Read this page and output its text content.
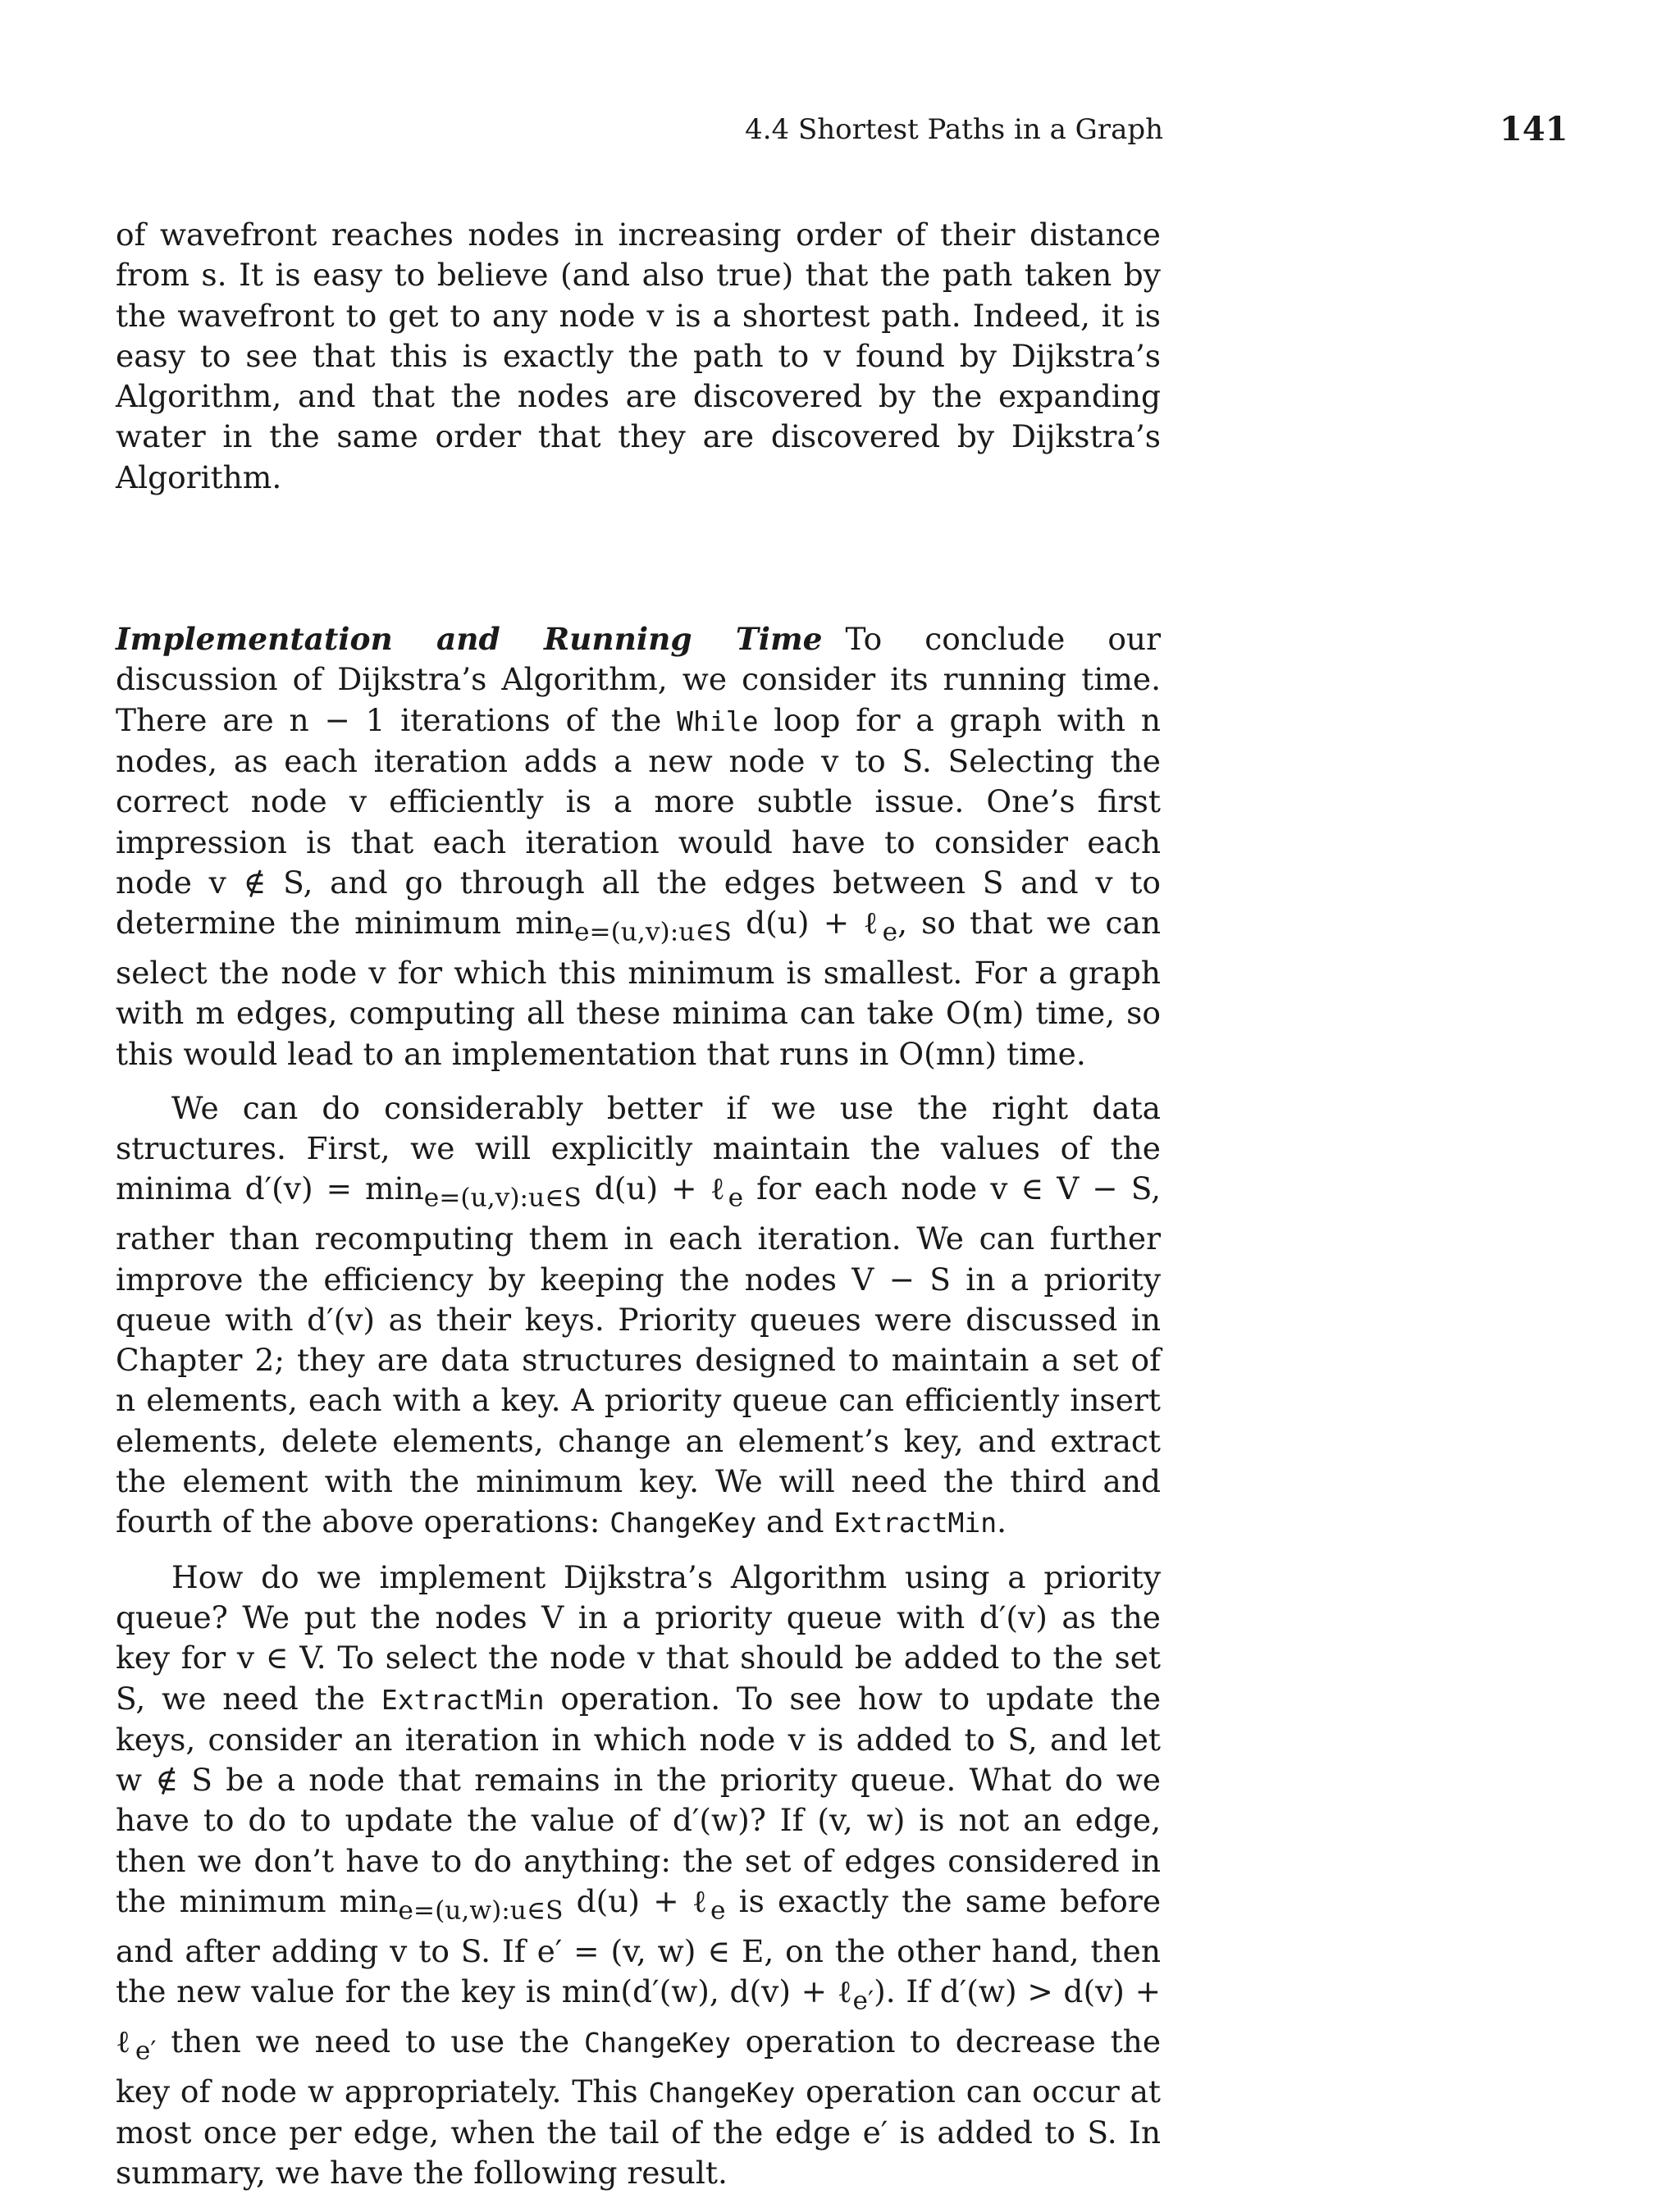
4.4 Shortest Paths in a Graph	141

of wavefront reaches nodes in increasing order of their distance from s. It is easy to believe (and also true) that the path taken by the wavefront to get to any node v is a shortest path. Indeed, it is easy to see that this is exactly the path to v found by Dijkstra’s Algorithm, and that the nodes are discovered by the expanding water in the same order that they are discovered by Dijkstra’s Algorithm.

Implementation and Running Time To conclude our discussion of Dijkstra’s Algorithm, we consider its running time. There are n − 1 iterations of the While loop for a graph with n nodes, as each iteration adds a new node v to S. Selecting the correct node v efficiently is a more subtle issue. One’s first impression is that each iteration would have to consider each node v ∉ S, and go through all the edges between S and v to determine the minimum $\min_{e=(u,v):u\in S} d(u)$ + ℓ$_e$, so that we can select the node v for which this minimum is smallest. For a graph with m edges, computing all these minima can take O(m) time, so this would lead to an implementation that runs in O(mn) time.

We can do considerably better if we use the right data structures. First, we will explicitly maintain the values of the minima $d'(v) = \min_{e=(u,v):u\in S} d(u)$ + ℓ$_e$ for each node v ∈ V − S, rather than recomputing them in each iteration. We can further improve the efficiency by keeping the nodes V − S in a priority queue with d′(v) as their keys. Priority queues were discussed in Chapter 2; they are data structures designed to maintain a set of n elements, each with a key. A priority queue can efficiently insert elements, delete elements, change an element’s key, and extract the element with the minimum key. We will need the third and fourth of the above operations: ChangeKey and ExtractMin.

How do we implement Dijkstra’s Algorithm using a priority queue? We put the nodes V in a priority queue with d′(v) as the key for v ∈ V. To select the node v that should be added to the set S, we need the ExtractMin operation. To see how to update the keys, consider an iteration in which node v is added to S, and let w ∉ S be a node that remains in the priority queue. What do we have to do to update the value of d′(w)? If (v, w) is not an edge, then we don’t have to do anything: the set of edges considered in the minimum $\min_{e=(u,w):u\in S} d(u)$ + ℓ$_e$ is exactly the same before and after adding v to S. If e′ = (v, w) ∈ E, on the other hand, then the new value for the key is min(d′(w), d(v) + ℓ$_{e'}$). If d′(w) > d(v) + ℓ$_{e'}$ then we need to use the ChangeKey operation to decrease the key of node w appropriately. This ChangeKey operation can occur at most once per edge, when the tail of the edge e′ is added to S. In summary, we have the following result.
